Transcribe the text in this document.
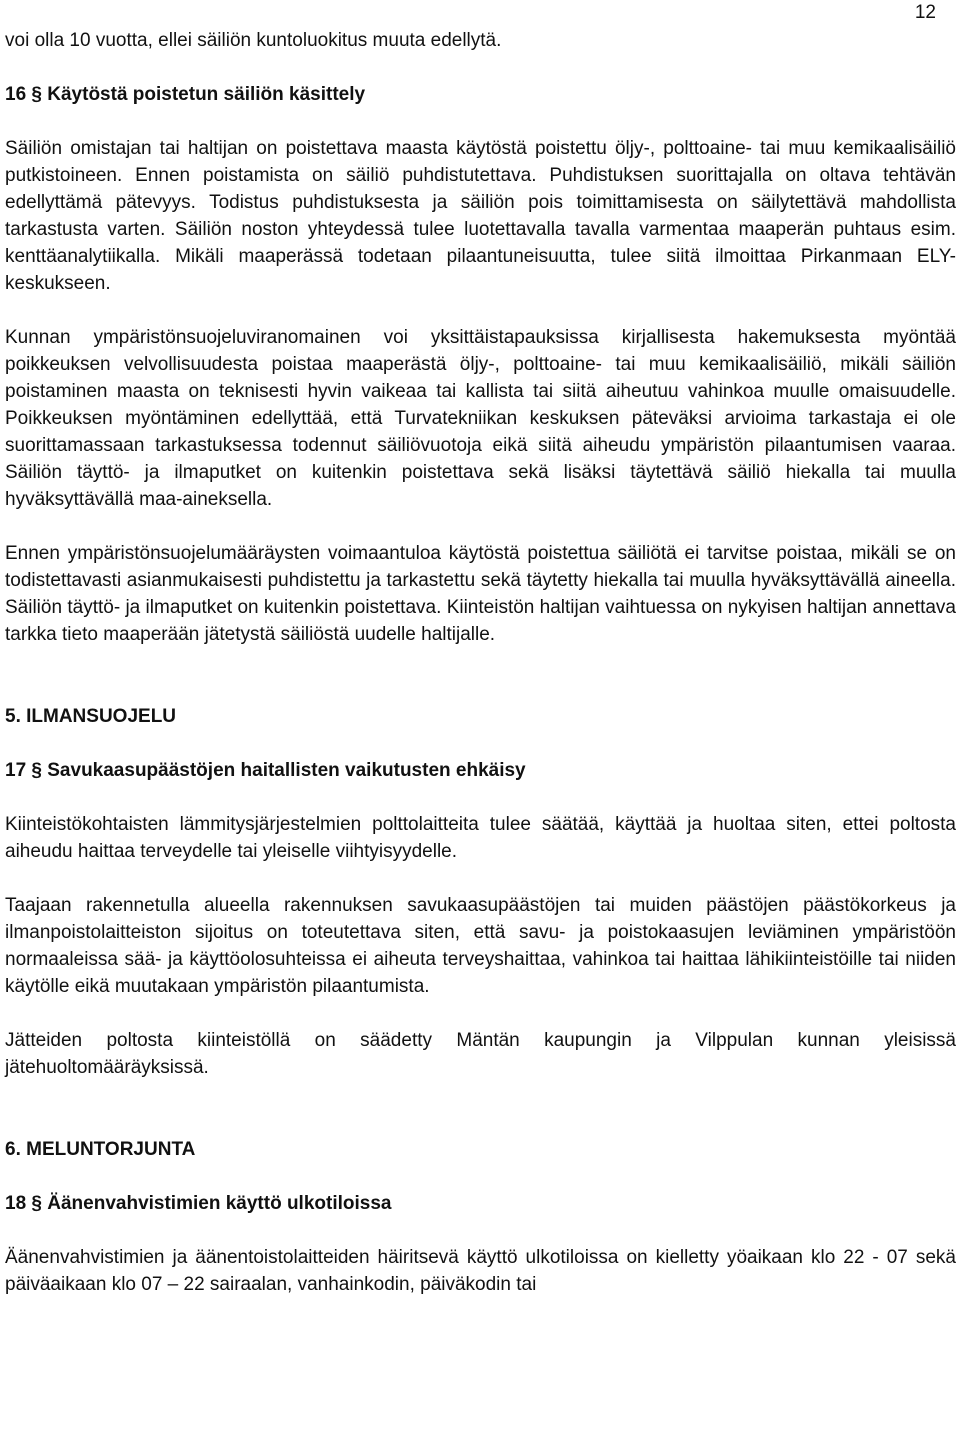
12

voi olla 10 vuotta, ellei säiliön kuntoluokitus muuta edellytä.

16 § Käytöstä poistetun säiliön käsittely

Säiliön omistajan tai haltijan on poistettava maasta käytöstä poistettu öljy-, polttoaine- tai muu kemikaalisäiliö putkistoineen. Ennen poistamista on säiliö puhdistutettava. Puhdistuksen suorittajalla on oltava tehtävän edellyttämä pätevyys. Todistus puhdistuksesta ja säiliön pois toimittamisesta on säilytettävä mahdollista tarkastusta varten. Säiliön noston yhteydessä tulee luotettavalla tavalla varmentaa maaperän puhtaus esim. kenttäanalytiikalla. Mikäli maaperässä todetaan pilaantuneisuutta, tulee siitä ilmoittaa Pirkanmaan ELY-keskukseen.

Kunnan ympäristönsuojeluviranomainen voi yksittäistapauksissa kirjallisesta hakemuksesta myöntää poikkeuksen velvollisuudesta poistaa maaperästä öljy-, polttoaine- tai muu kemikaalisäiliö, mikäli säiliön poistaminen maasta on teknisesti hyvin vaikeaa tai kallista tai siitä aiheutuu vahinkoa muulle omaisuudelle. Poikkeuksen myöntäminen edellyttää, että Turvatekniikan keskuksen päteväksi arvioima tarkastaja ei ole suorittamassaan tarkastuksessa todennut säiliövuotoja eikä siitä aiheudu ympäristön pilaantumisen vaaraa. Säiliön täyttö- ja ilmaputket on kuitenkin poistettava sekä lisäksi täytettävä säiliö hiekalla tai muulla hyväksyttävällä maa-aineksella.

Ennen ympäristönsuojelumääräysten voimaantuloa käytöstä poistettua säiliötä ei tarvitse poistaa, mikäli se on todistettavasti asianmukaisesti puhdistettu ja tarkastettu sekä täytetty hiekalla tai muulla hyväksyttävällä aineella. Säiliön täyttö- ja ilmaputket on kuitenkin poistettava. Kiinteistön haltijan vaihtuessa on nykyisen haltijan annettava tarkka tieto maaperään jätetystä säiliöstä uudelle haltijalle.

5. ILMANSUOJELU
17 § Savukaasupäästöjen haitallisten vaikutusten ehkäisy

Kiinteistökohtaisten lämmitysjärjestelmien polttolaitteita tulee säätää, käyttää ja huoltaa siten, ettei poltosta aiheudu haittaa terveydelle tai yleiselle viihtyisyydelle.

Taajaan rakennetulla alueella rakennuksen savukaasupäästöjen tai muiden päästöjen päästökorkeus ja ilmanpoistolaitteiston sijoitus on toteutettava siten, että savu- ja poistokaasujen leviäminen ympäristöön normaaleissa sää- ja käyttöolosuhteissa ei aiheuta terveyshaittaa, vahinkoa tai haittaa lähikiinteistöille tai niiden käytölle eikä muutakaan ympäristön pilaantumista.

Jätteiden poltosta kiinteistöllä on säädetty Mäntän kaupungin ja Vilppulan kunnan yleisissä jätehuoltomääräyksissä.

6. MELUNTORJUNTA
18 § Äänenvahvistimien käyttö ulkotiloissa

Äänenvahvistimien ja äänentoistolaitteiden häiritsevä käyttö ulkotiloissa on kielletty yöaikaan klo 22 - 07 sekä päiväaikaan klo 07 – 22 sairaalan, vanhainkodin, päiväkodin tai
